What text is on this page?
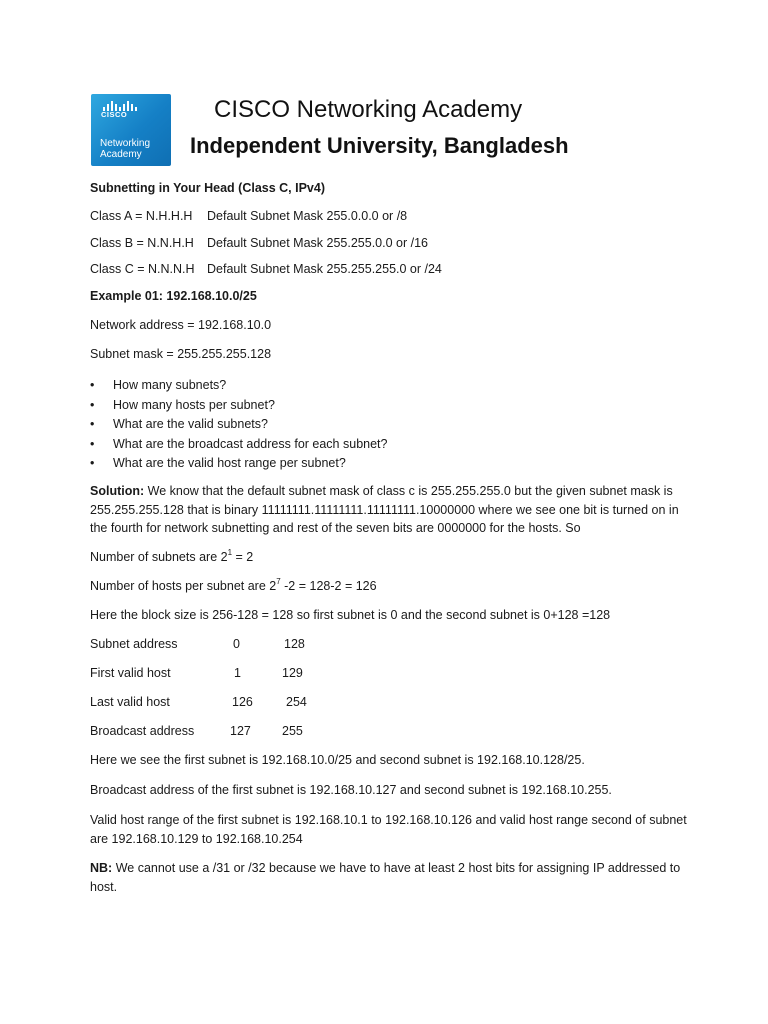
CISCO
Networking
Academy
CISCO Networking Academy
Independent University, Bangladesh
Subnetting in Your Head (Class C, IPv4)
Class A = N.H.H.H Default Subnet Mask 255.0.0.0 or /8
Class B = N.N.H.H Default Subnet Mask 255.255.0.0 or /16
Class C = N.N.N.H Default Subnet Mask 255.255.255.0 or /24
Example 01: 192.168.10.0/25
Network address = 192.168.10.0
Subnet mask = 255.255.255.128
• How many subnets?
• How many hosts per subnet?
• What are the valid subnets?
• What are the broadcast address for each subnet?
• What are the valid host range per subnet?
Solution: We know that the default subnet mask of class c is 255.255.255.0 but the given subnet mask is 255.255.255.128 that is binary 11111111.11111111.11111111.10000000 where we see one bit is turned on in the fourth for network subnetting and rest of the seven bits are 0000000 for the hosts. So
Number of subnets are $2^1 = 2$
Number of hosts per subnet are $2^7$ -2 = 128-2 = 126
Here the block size is 256-128 = 128 so first subnet is 0 and the second subnet is 0+128 =128
Subnet address	0	128
First valid host	1	129
Last valid host	126	254
Broadcast address	127 255
Here we see the first subnet is 192.168.10.0/25 and second subnet is 192.168.10.128/25.
Broadcast address of the first subnet is 192.168.10.127 and second subnet is 192.168.10.255.
Valid host range of the first subnet is 192.168.10.1 to 192.168.10.126 and valid host range second of subnet are 192.168.10.129 to 192.168.10.254
NB: We cannot use a /31 or /32 because we have to have at least 2 host bits for assigning IP addressed to host.
